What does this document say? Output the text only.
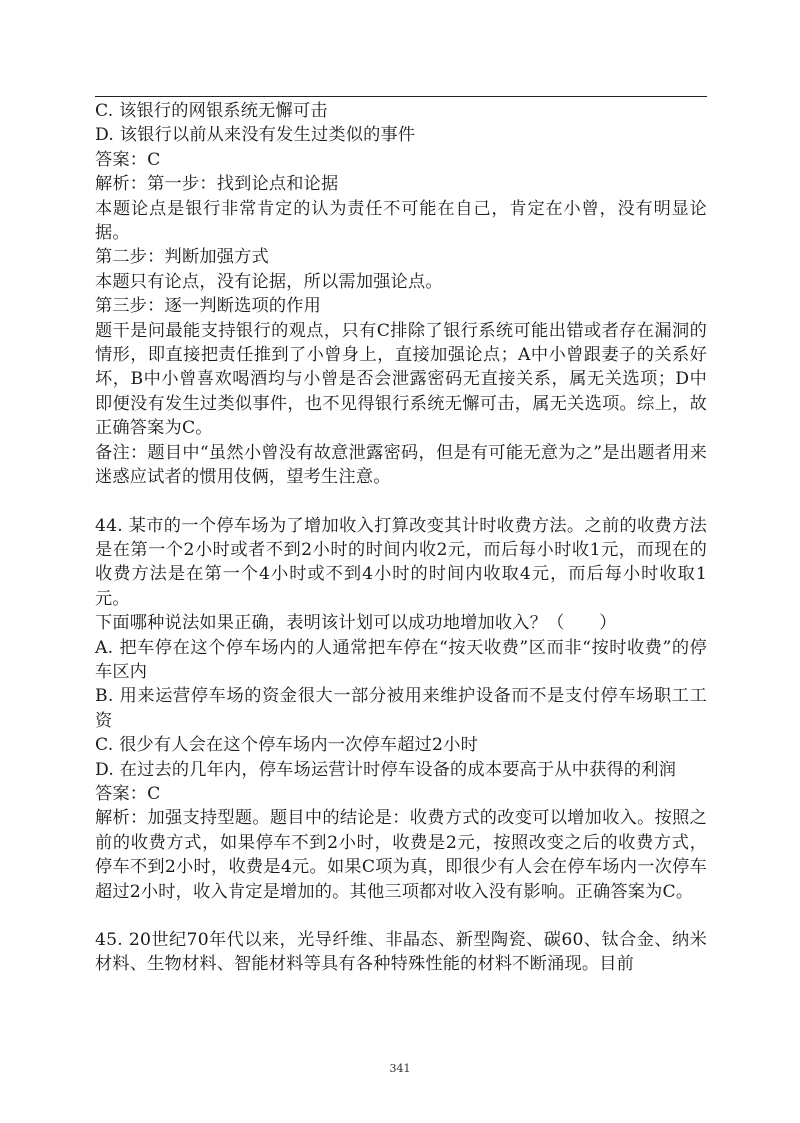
C. 该银行的网银系统无懈可击

D. 该银行以前从来没有发生过类似的事件

答案：C

解析：第一步：找到论点和论据

本题论点是银行非常肯定的认为责任不可能在自己，肯定在小曾，没有明显论据。

第二步：判断加强方式

本题只有论点，没有论据，所以需加强论点。

第三步：逐一判断选项的作用

题干是问最能支持银行的观点，只有C排除了银行系统可能出错或者存在漏洞的情形，即直接把责任推到了小曾身上，直接加强论点；A中小曾跟妻子的关系好坏，B中小曾喜欢喝酒均与小曾是否会泄露密码无直接关系，属无关选项；D中即便没有发生过类似事件，也不见得银行系统无懈可击，属无关选项。综上，故正确答案为C。

备注：题目中“虽然小曾没有故意泄露密码，但是有可能无意为之”是出题者用来迷惑应试者的惯用伎俩，望考生注意。

44. 某市的一个停车场为了增加收入打算改变其计时收费方法。之前的收费方法是在第一个2小时或者不到2小时的时间内收2元，而后每小时收1元，而现在的收费方法是在第一个4小时或不到4小时的时间内收取4元，而后每小时收取1元。

下面哪种说法如果正确，表明该计划可以成功地增加收入？（　　）

A. 把车停在这个停车场内的人通常把车停在“按天收费”区而非“按时收费”的停车区内

B. 用来运营停车场的资金很大一部分被用来维护设备而不是支付停车场职工工资

C. 很少有人会在这个停车场内一次停车超过2小时

D. 在过去的几年内，停车场运营计时停车设备的成本要高于从中获得的利润

答案：C

解析：加强支持型题。题目中的结论是：收费方式的改变可以增加收入。按照之前的收费方式，如果停车不到2小时，收费是2元，按照改变之后的收费方式，停车不到2小时，收费是4元。如果C项为真，即很少有人会在停车场内一次停车超过2小时，收入肯定是增加的。其他三项都对收入没有影响。正确答案为C。

45. 20世纪70年代以来，光导纤维、非晶态、新型陶瓷、碳60、钛合金、纳米材料、生物材料、智能材料等具有各种特殊性能的材料不断涌现。目前

341
